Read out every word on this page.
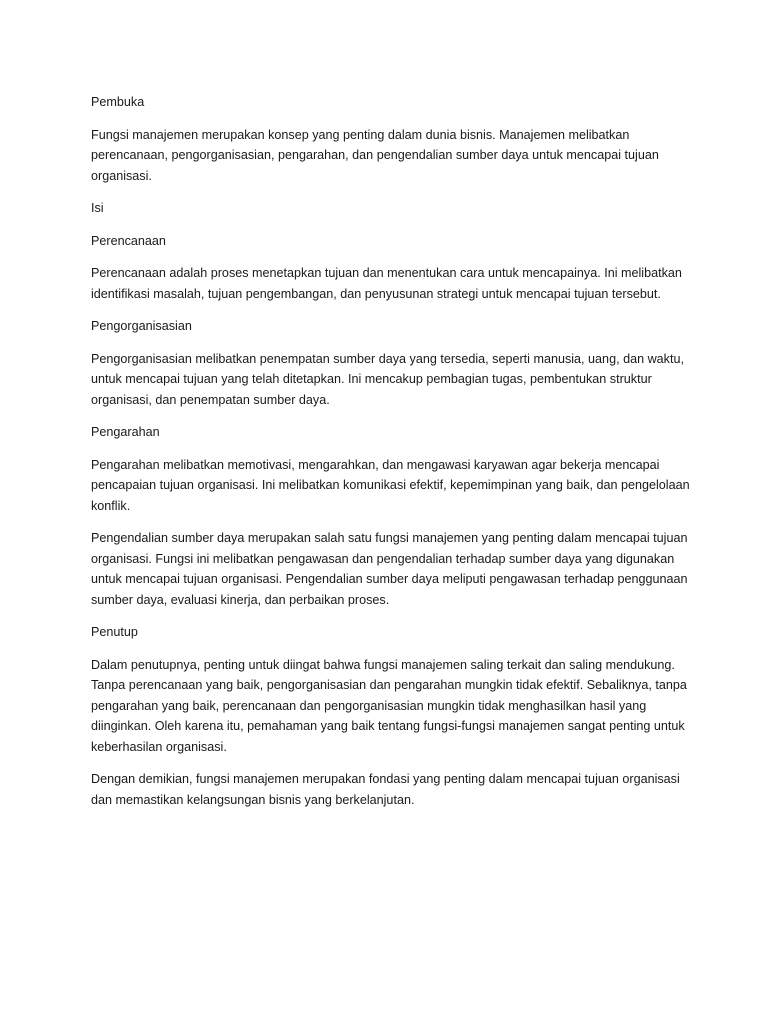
Pembuka

Fungsi manajemen merupakan konsep yang penting dalam dunia bisnis. Manajemen melibatkan perencanaan, pengorganisasian, pengarahan, dan pengendalian sumber daya untuk mencapai tujuan organisasi.

Isi

Perencanaan

Perencanaan adalah proses menetapkan tujuan dan menentukan cara untuk mencapainya. Ini melibatkan identifikasi masalah, tujuan pengembangan, dan penyusunan strategi untuk mencapai tujuan tersebut.

Pengorganisasian

Pengorganisasian melibatkan penempatan sumber daya yang tersedia, seperti manusia, uang, dan waktu, untuk mencapai tujuan yang telah ditetapkan. Ini mencakup pembagian tugas, pembentukan struktur organisasi, dan penempatan sumber daya.

Pengarahan

Pengarahan melibatkan memotivasi, mengarahkan, dan mengawasi karyawan agar bekerja mencapai pencapaian tujuan organisasi. Ini melibatkan komunikasi efektif, kepemimpinan yang baik, dan pengelolaan konflik.

Pengendalian sumber daya merupakan salah satu fungsi manajemen yang penting dalam mencapai tujuan organisasi. Fungsi ini melibatkan pengawasan dan pengendalian terhadap sumber daya yang digunakan untuk mencapai tujuan organisasi. Pengendalian sumber daya meliputi pengawasan terhadap penggunaan sumber daya, evaluasi kinerja, dan perbaikan proses.

Penutup

Dalam penutupnya, penting untuk diingat bahwa fungsi manajemen saling terkait dan saling mendukung. Tanpa perencanaan yang baik, pengorganisasian dan pengarahan mungkin tidak efektif. Sebaliknya, tanpa pengarahan yang baik, perencanaan dan pengorganisasian mungkin tidak menghasilkan hasil yang diinginkan. Oleh karena itu, pemahaman yang baik tentang fungsi-fungsi manajemen sangat penting untuk keberhasilan organisasi.

Dengan demikian, fungsi manajemen merupakan fondasi yang penting dalam mencapai tujuan organisasi dan memastikan kelangsungan bisnis yang berkelanjutan.
